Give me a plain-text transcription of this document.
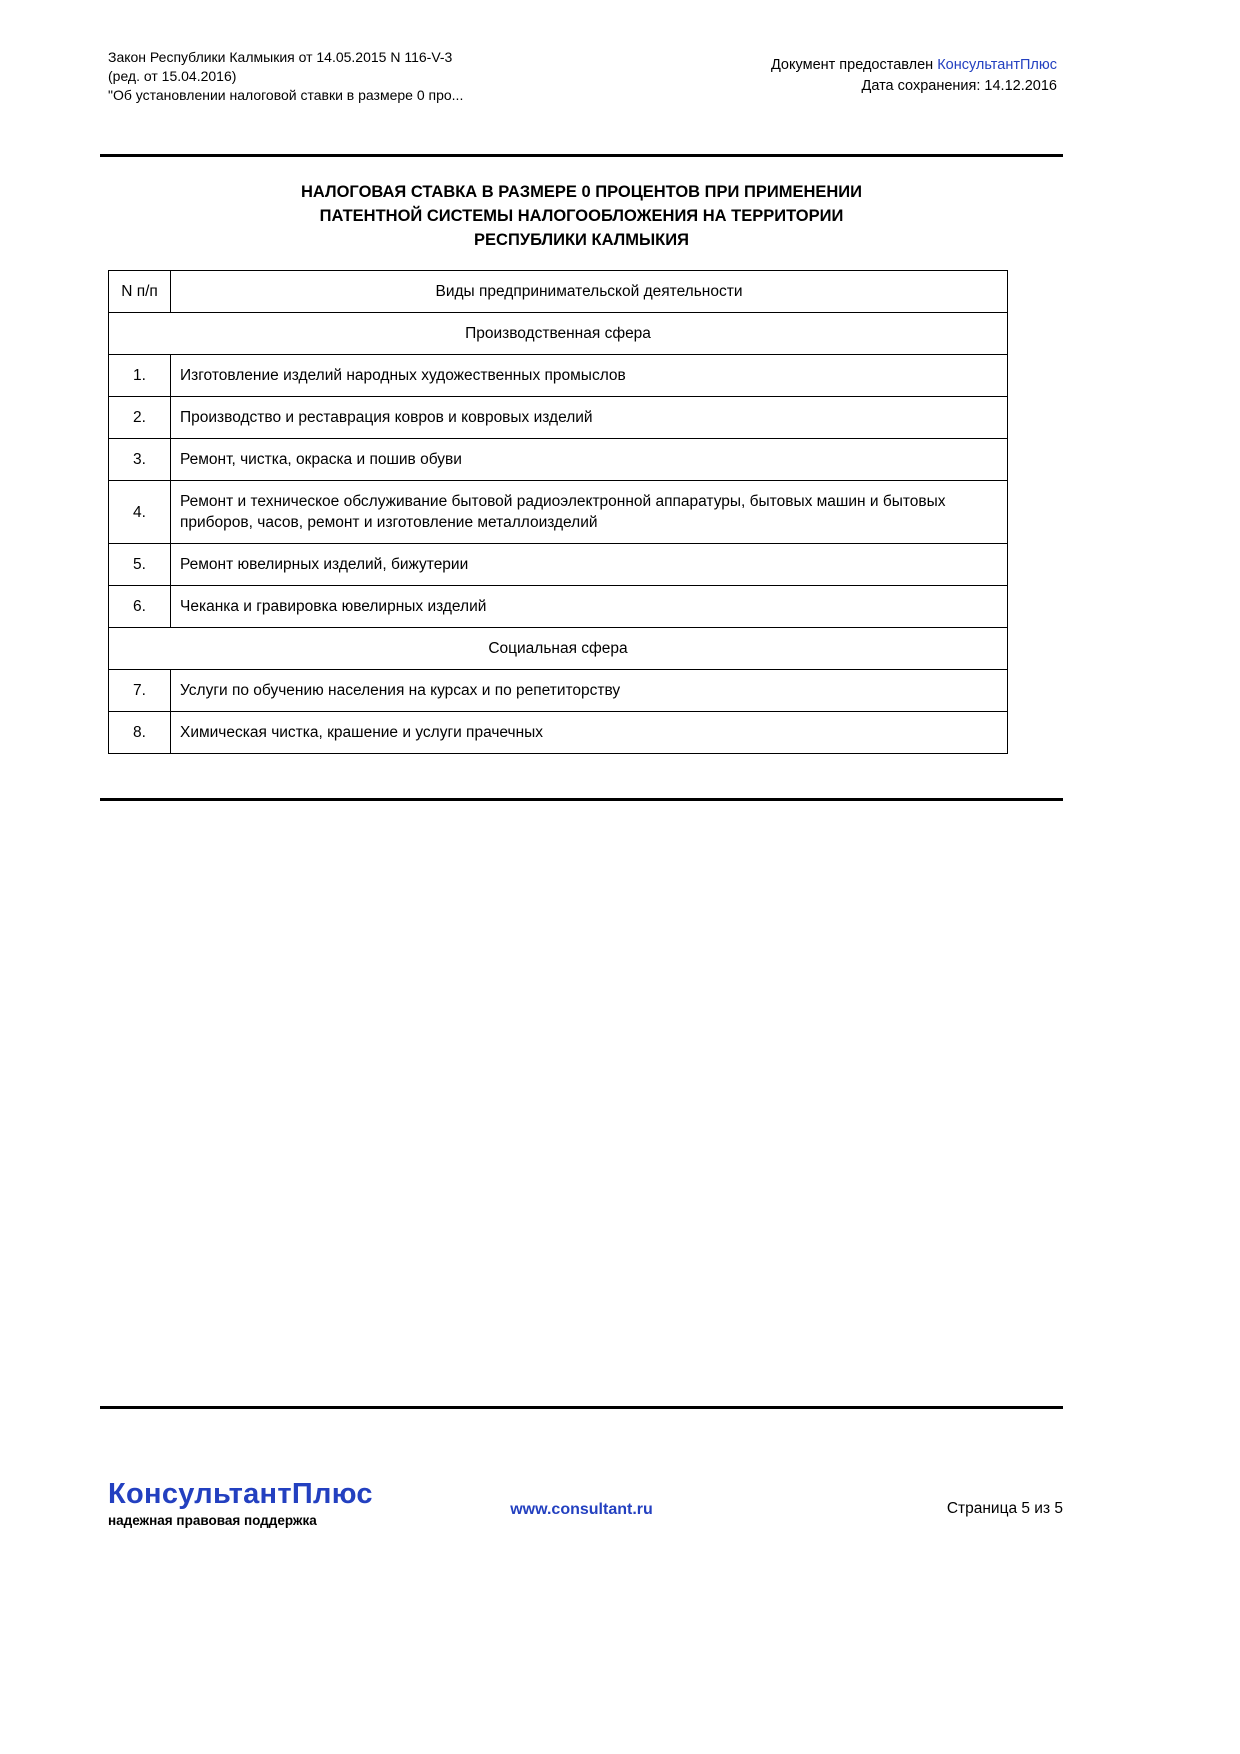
Закон Республики Калмыкия от 14.05.2015 N 116-V-3
(ред. от 15.04.2016)
"Об установлении налоговой ставки в размере 0 про...
Документ предоставлен КонсультантПлюс
Дата сохранения: 14.12.2016
НАЛОГОВАЯ СТАВКА В РАЗМЕРЕ 0 ПРОЦЕНТОВ ПРИ ПРИМЕНЕНИИ
ПАТЕНТНОЙ СИСТЕМЫ НАЛОГООБЛОЖЕНИЯ НА ТЕРРИТОРИИ
РЕСПУБЛИКИ КАЛМЫКИЯ
N п/п	Виды предпринимательской деятельности
Производственная сфера	
1.	Изготовление изделий народных художественных промыслов
2.	Производство и реставрация ковров и ковровых изделий
3.	Ремонт, чистка, окраска и пошив обуви
4.	Ремонт и техническое обслуживание бытовой радиоэлектронной аппаратуры, бытовых машин и бытовых приборов, часов, ремонт и изготовление металлоизделий
5.	Ремонт ювелирных изделий, бижутерии
6.	Чеканка и гравировка ювелирных изделий
Социальная сфера	
7.	Услуги по обучению населения на курсах и по репетиторству
8.	Химическая чистка, крашение и услуги прачечных
КонсультантПлюс
надежная правовая поддержка
www.consultant.ru	Страница 5 из 5
